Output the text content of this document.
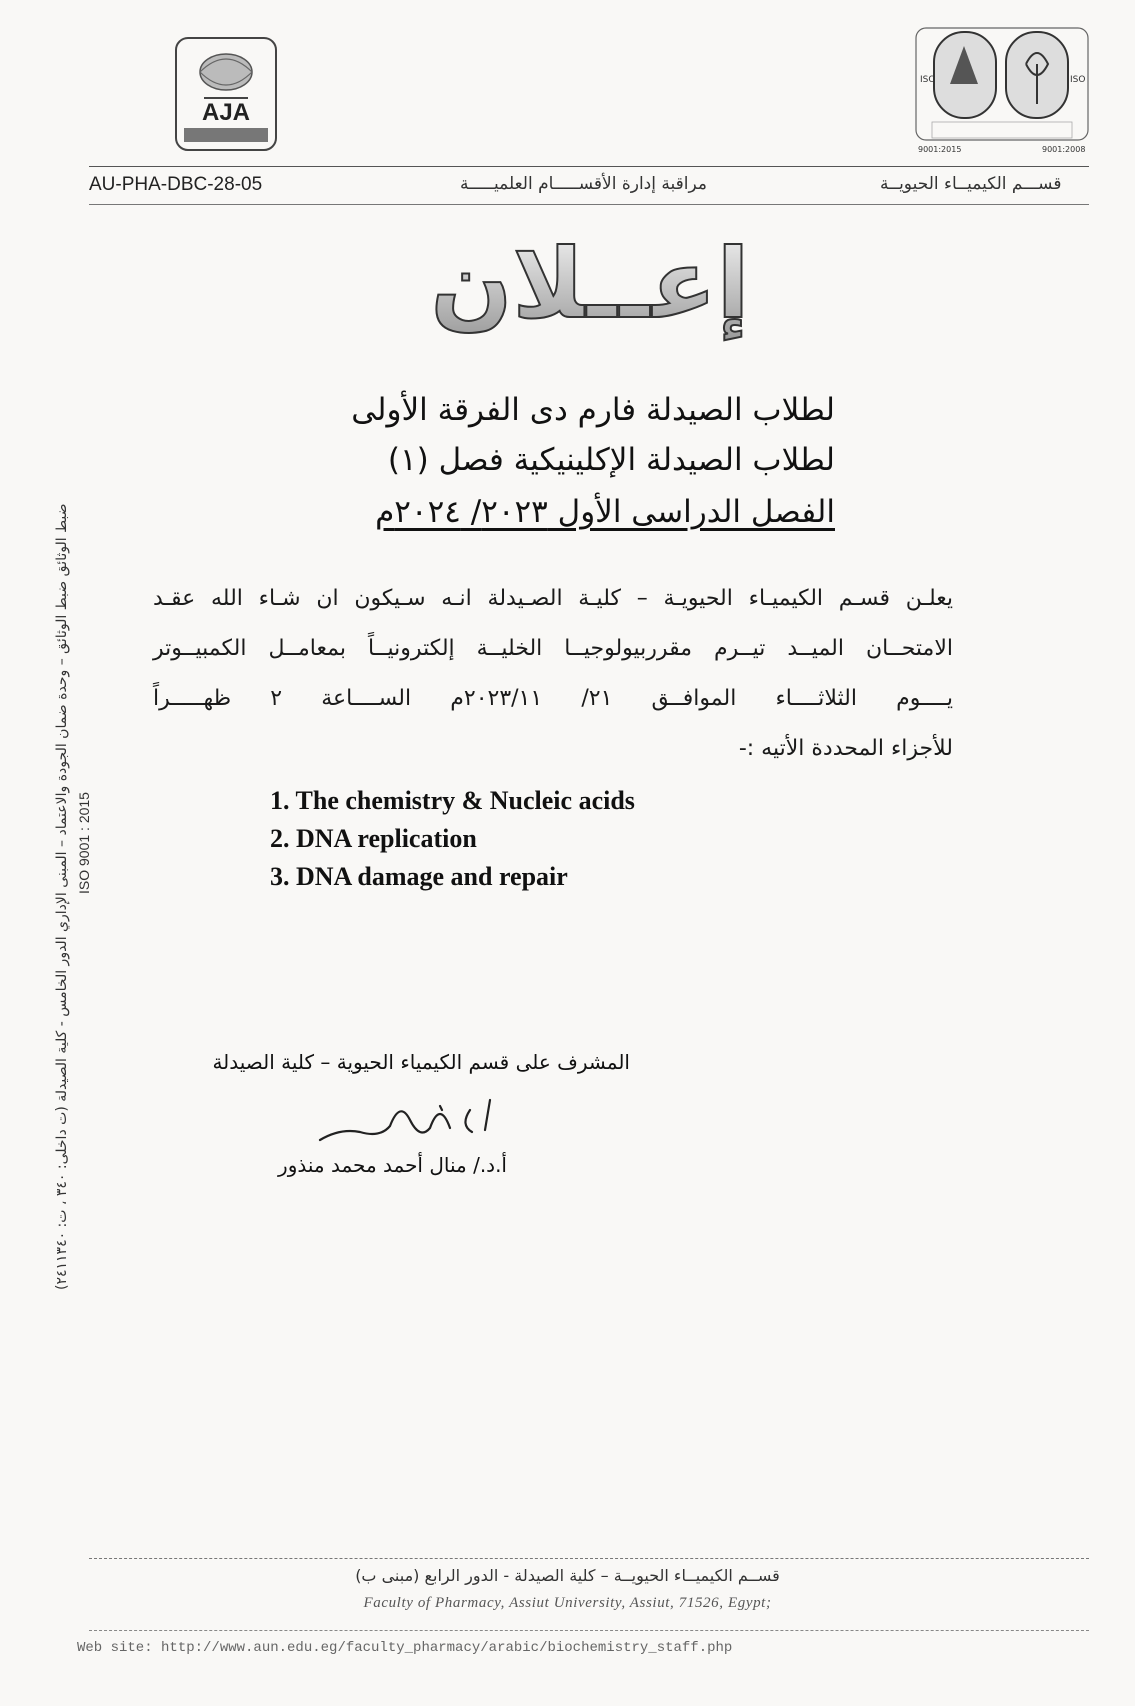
AJA
ISO	ISO
9001:2015	9001:2008
AU-PHA-DBC-28-05	مراقبة إدارة الأقســـــام العلميـــــة	قســـم الكيميــاء الحيويــة
إعــلان
لطلاب الصيدلة فارم دى الفرقة الأولى
لطلاب الصيدلة الإكلينيكية فصل (١)
الفصل الدراسى الأول ٢٠٢٣/ ٢٠٢٤م
يعلـن قسـم الكيميـاء الحيويـة – كليـة الصـيدلة انـه سـيكون ان شـاء الله عقـد
الامتحــان الميــد تيــرم مقرربيولوجيــا الخليــة إلكترونيــاً بمعامــل الكمبيــوتر
يــــوم الثلاثــــاء الموافــق ٢١/ ٢٠٢٣/١١م الســــاعة ٢ ظهـــــراً
للأجزاء المحددة الأتيه :-
1. The chemistry & Nucleic acids
2. DNA replication
3. DNA damage and repair
المشرف على قسم الكيمياء الحيوية – كلية الصيدلة
أ.د./ منال أحمد محمد منذور
ضبط الوثائق ضبط الوثائق – وحدة ضمان الجودة والاعتماد – المبنى الإداري الدور الخامس - كلية الصيدلة (ت داخلى: ٣٤٠ ، ت: ٢٤١١٣٤٠) ISO 9001 : 2015
قســم الكيميــاء الحيويــة – كلية الصيدلة - الدور الرابع (مبنى ب)
Faculty of Pharmacy, Assiut University, Assiut, 71526, Egypt;
Web site: http://www.aun.edu.eg/faculty_pharmacy/arabic/biochemistry_staff.php
